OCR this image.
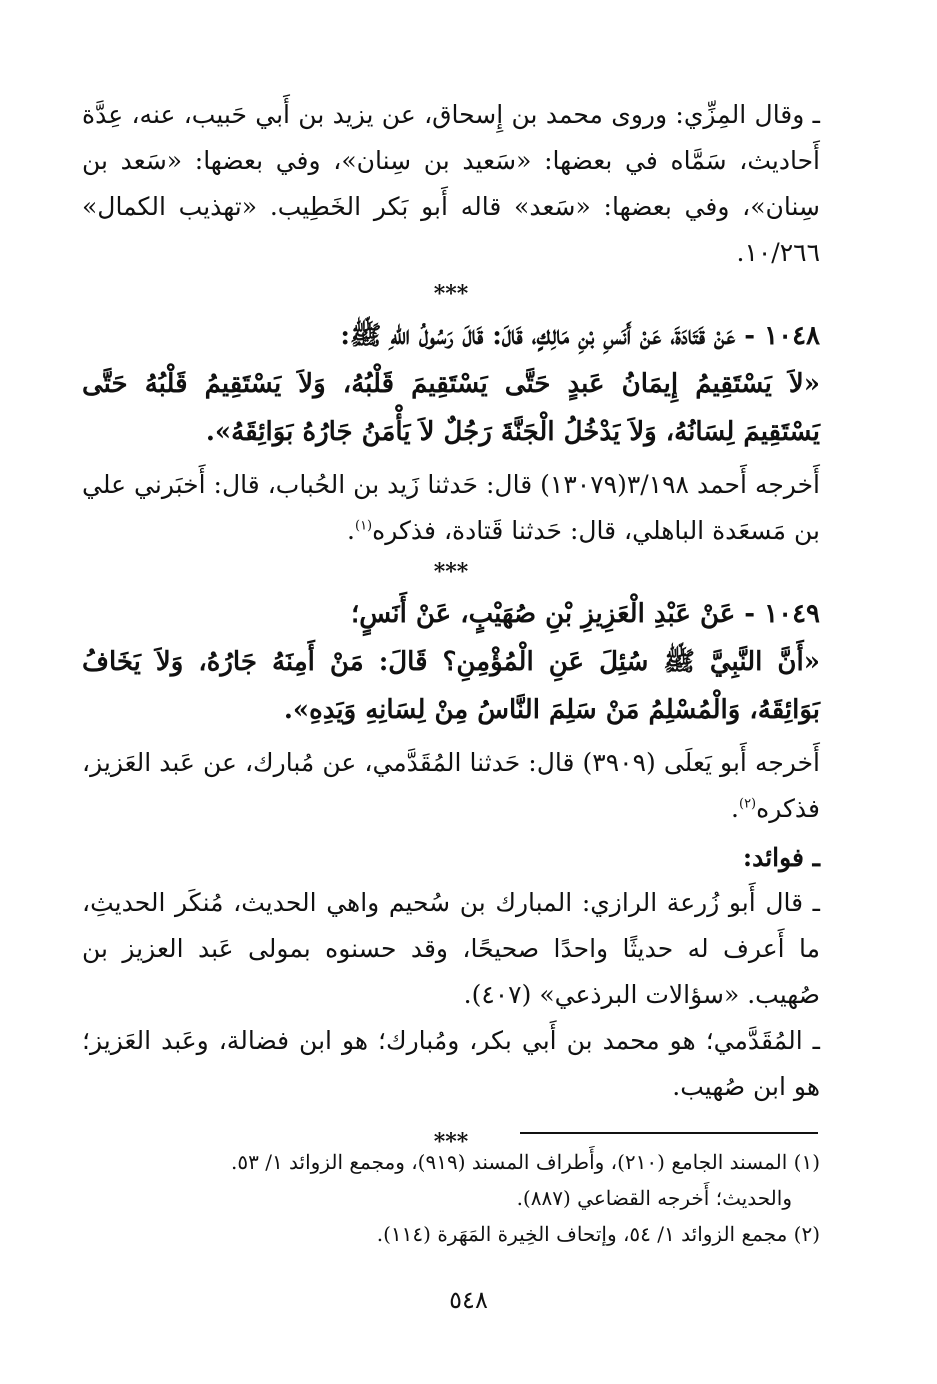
ـ وقال المِزِّي: وروى محمد بن إِسحاق، عن يزيد بن أَبي حَبيب، عنه، عِدَّة أَحاديث، سَمَّاه في بعضها: «سَعيد بن سِنان»، وفي بعضها: «سَعد بن سِنان»، وفي بعضها: «سَعد» قاله أَبو بَكر الخَطِيب. «تهذيب الكمال» ١٠/٢٦٦.

***

١٠٤٨ - عَنْ قَتَادَةَ، عَنْ أَنَسِ بْنِ مَالِكٍ، قَالَ: قَالَ رَسُولُ اللهِ ﷺ:

«لاَ يَسْتَقِيمُ إِيمَانُ عَبدٍ حَتَّى يَسْتَقِيمَ قَلْبُهُ، وَلاَ يَسْتَقِيمُ قَلْبُهُ حَتَّى يَسْتَقِيمَ لِسَانُهُ، وَلاَ يَدْخُلُ الْجَنَّةَ رَجُلٌ لاَ يَأْمَنُ جَارُهُ بَوَائِقَهُ».

أَخرجه أَحمد ٣/١٩٨(١٣٠٧٩) قال: حَدثنا زَيد بن الحُباب، قال: أَخبَرني علي بن مَسعَدة الباهلي، قال: حَدثنا قَتادة، فذكره$^{(١)}$.

***

١٠٤٩ - عَنْ عَبْدِ الْعَزِيزِ بْنِ صُهَيْبٍ، عَنْ أَنَسٍ؛

«أَنَّ النَّبِيَّ ﷺ سُئِلَ عَنِ الْمُؤْمِنِ؟ قَالَ: مَنْ أَمِنَهُ جَارُهُ، وَلاَ يَخَافُ بَوَائِقَهُ، وَالْمُسْلِمُ مَنْ سَلِمَ النَّاسُ مِنْ لِسَانِهِ وَيَدِهِ».

أَخرجه أَبو يَعلَى (٣٩٠٩) قال: حَدثنا المُقَدَّمي، عن مُبارك، عن عَبد العَزيز، فذكره$^{(٢)}$.

ـ فوائد:

ـ قال أَبو زُرعة الرازي: المبارك بن سُحيم واهي الحديث، مُنكَر الحديثِ، ما أَعرف له حديثًا واحدًا صحيحًا، وقد حسنوه بمولى عَبد العزيز بن صُهيب. «سؤالات البرذعي» (٤٠٧).

ـ المُقَدَّمي؛ هو محمد بن أَبي بكر، ومُبارك؛ هو ابن فضالة، وعَبد العَزيز؛ هو ابن صُهيب.

***

(١) المسند الجامع (٢١٠)، وأَطراف المسند (٩١٩)، ومجمع الزوائد ١/ ٥٣.

والحديث؛ أَخرجه القضاعي (٨٨٧).

(٢) مجمع الزوائد ١/ ٥٤، وإتحاف الخِيرة المَهَرة (١١٤).

٥٤٨
